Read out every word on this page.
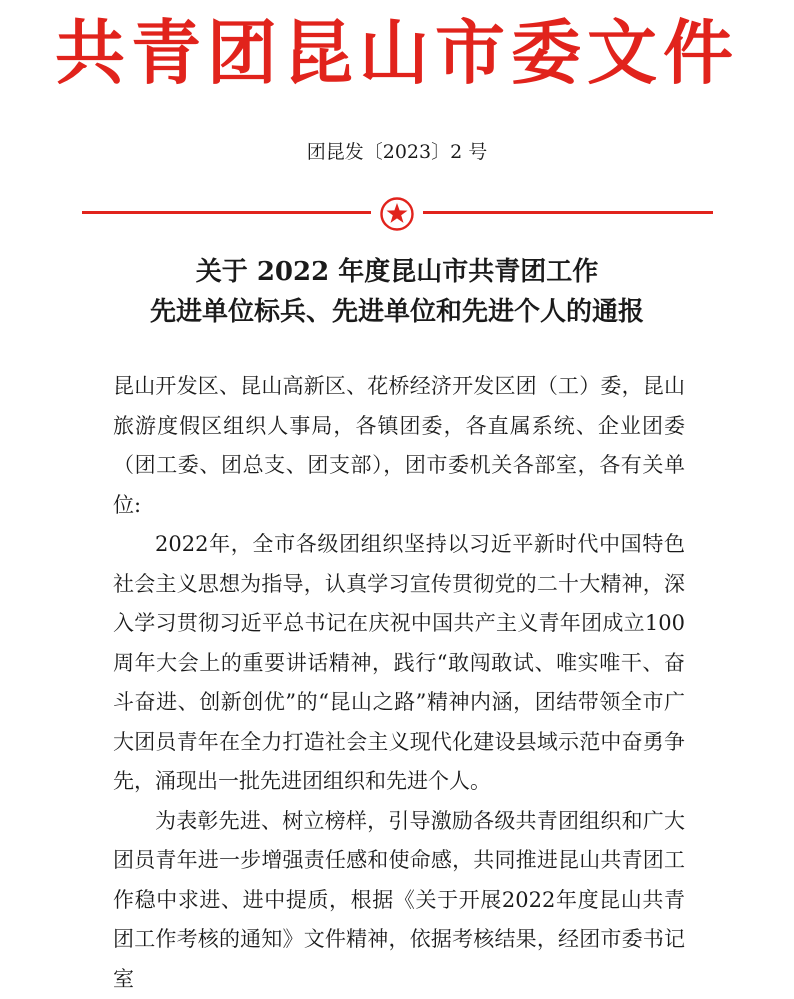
共青团昆山市委文件
团昆发〔2023〕2 号
关于 2022 年度昆山市共青团工作
先进单位标兵、先进单位和先进个人的通报

昆山开发区、昆山高新区、花桥经济开发区团（工）委，昆山旅游度假区组织人事局，各镇团委，各直属系统、企业团委（团工委、团总支、团支部），团市委机关各部室，各有关单位:

2022年，全市各级团组织坚持以习近平新时代中国特色社会主义思想为指导，认真学习宣传贯彻党的二十大精神，深入学习贯彻习近平总书记在庆祝中国共产主义青年团成立100周年大会上的重要讲话精神，践行“敢闯敢试、唯实唯干、奋斗奋进、创新创优”的“昆山之路”精神内涵，团结带领全市广大团员青年在全力打造社会主义现代化建设县域示范中奋勇争先，涌现出一批先进团组织和先进个人。

为表彰先进、树立榜样，引导激励各级共青团组织和广大团员青年进一步增强责任感和使命感，共同推进昆山共青团工作稳中求进、进中提质，根据《关于开展2022年度昆山共青团工作考核的通知》文件精神，依据考核结果，经团市委书记室
